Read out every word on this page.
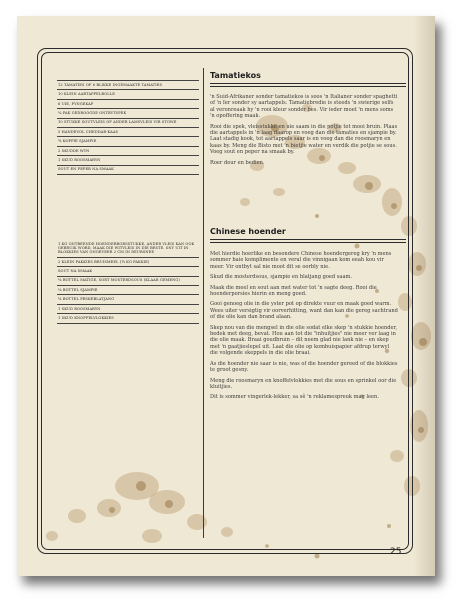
12 TAMATIES OF 6 BLIKKE INGEMAAKTE TAMATIES
10 KLEIN AARTAPPELBOLLE
6 UIE, FYNGEKAP
¼ PAK GEDROOGDE ONTBYTSPEK
10 STUKKE SOUTVLEIS OF ANDER LAMSVLEIS VIR STOWE
5 HANDEVOL CHEDDAR-KAAS
¾ KOPPIE SJAMPIE
2 SKUDDE WYN
1 SKUD ROOSMARYN
SOUT EN PEPER NA SMAAK
1 KG ONTBEENDE HOENDERBORSSTUKKE, ANDER VLEIS KAN OOK GEBRUIK WORD, MAAK DIE WITVLEIS IN DIE BESTE. SNY UIT IN BLOKKIES VAN ONGEVEER 2 CM IN DEURSNEE
2 KLEIN PAKKIES BRUISMEEL (¾ KG PAKKIE)
SOUT NA SMAAK
¼ BOTTEL MATIGE, SORT MOSTERDSOUS (KLAAR GEMENG)
¼ BOTTEL SJAMPIE
¼ BOTTEL PESKEBLATJANG
1 SKUD ROOSMARYN
1 SKUD KNOFFELVLOKKIES
Tamatiekos

'n Suid-Afrikaner sonder tamatiekos is soos 'n Italianer sonder spaghetti of 'n Ier sonder sy aartappels. Tamatiebredie is steeds 'n swierige selfs al veronreaak hy 'n rooi kleur sonder bes. Vir ieder moet 'n mens soms 'n opoffering maak.

Rooi die spek, vleisstukke en uie saam in die potjie tot mooi bruin. Plaas die aartappels in 'n laag daarop en voeg dan die tamaties en sjampie by. Laat stadig kook, tot aartappels saar is en voeg dan die roosmaryn en kaas by. Meng die Bisto met 'n bietjie water en verdik die potjie se sous. Voeg sout en peper na smaak by.

Roer deur en bedien.

Chinese hoender

Met hierdie hoerlike en besondere Chinese hoendergereg kry 'n mens sommer baie komplimente en veral die vinnigaan kom eeah kou vir meer. Vir ontbyt sal nie moot dit se oorbly nie.

Skud die mosterdsous, sjampie en blatjang goed saam.

Maak die meel en sout aan met water tot 'n sagte deeg. Rooi die hoenderporsies hierin en meng goed.

Gooi genoeg olie in die yster pot op direkte vuur en maak goed warm. Wees uiter versigtig vir oorverhitting, want dan kan die gereg sachtrand of die olie kan dan brand alaan.

Skep nou van die mengsel in die olie sodat elke skep 'n stukkie hoender, bedek met deeg, bevat. Hou aan tot die "inhuitjies" nie meer ver laag in die olie maak. Braai goudbruin – dit neem glad nie lank nie – en skep met 'n gaatjieslepel uit. Laat die olie op kombuispapier afdrup terwyl die volgende skeppels in die olie braai.

As die hoender nie saar is nie, was of die hoender gereed of die blokkies te groot gesny.

Meng die roosmaryn en knoffelvlokkies met die sous en sprinkel oor die kluitjies.

Dit is sommer vingerlek-lekker, sa sê 'n reklamespreuk mag leen.

25
